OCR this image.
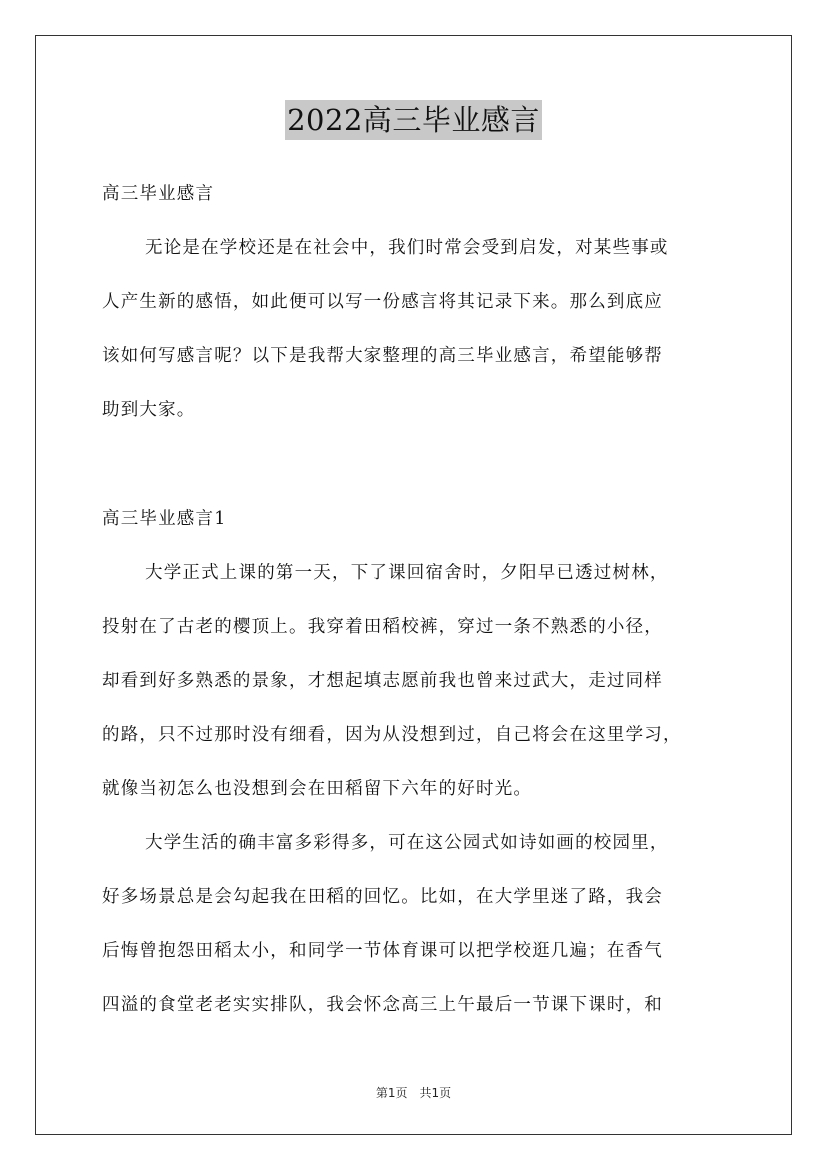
2022高三毕业感言
高三毕业感言
无论是在学校还是在社会中，我们时常会受到启发，对某些事或
人产生新的感悟，如此便可以写一份感言将其记录下来。那么到底应
该如何写感言呢？以下是我帮大家整理的高三毕业感言，希望能够帮
助到大家。
高三毕业感言1
大学正式上课的第一天，下了课回宿舍时，夕阳早已透过树林，
投射在了古老的樱顶上。我穿着田稻校裤，穿过一条不熟悉的小径，
却看到好多熟悉的景象，才想起填志愿前我也曾来过武大，走过同样
的路，只不过那时没有细看，因为从没想到过，自己将会在这里学习，
就像当初怎么也没想到会在田稻留下六年的好时光。
大学生活的确丰富多彩得多，可在这公园式如诗如画的校园里，
好多场景总是会勾起我在田稻的回忆。比如，在大学里迷了路，我会
后悔曾抱怨田稻太小，和同学一节体育课可以把学校逛几遍；在香气
四溢的食堂老老实实排队，我会怀念高三上午最后一节课下课时，和
第1页 共1页
